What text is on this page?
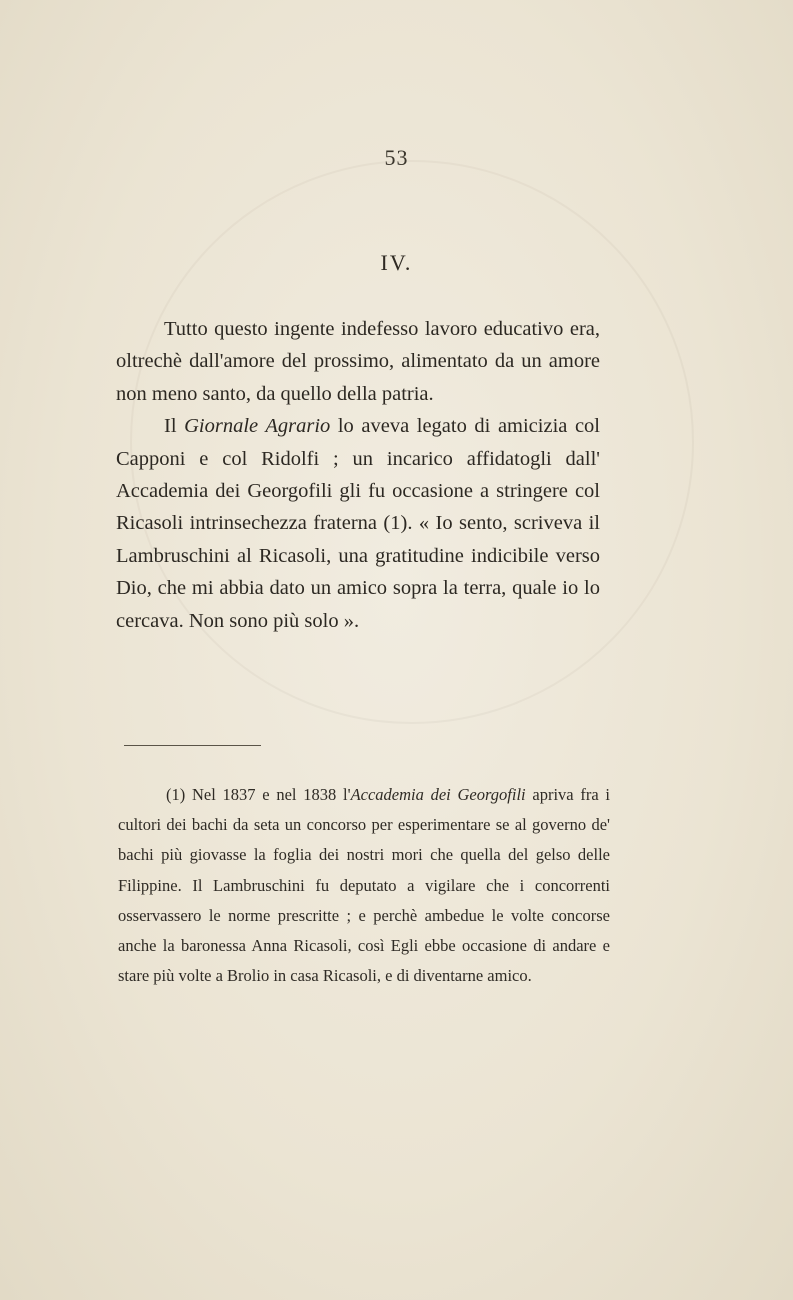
53
IV.

Tutto questo ingente indefesso lavoro educativo era, oltrechè dall'amore del prossimo, alimentato da un amore non meno santo, da quello della patria.

Il Giornale Agrario lo aveva legato di amicizia col Capponi e col Ridolfi ; un incarico affidatogli dall' Accademia dei Georgofili gli fu occasione a stringere col Ricasoli intrinsechezza fraterna (1). « Io sento, scriveva il Lambruschini al Ricasoli, una gratitudine indicibile verso Dio, che mi abbia dato un amico sopra la terra, quale io lo cercava. Non sono più solo ».

(1) Nel 1837 e nel 1838 l'Accademia dei Georgofili apriva fra i cultori dei bachi da seta un concorso per esperimentare se al governo de' bachi più giovasse la foglia dei nostri mori che quella del gelso delle Filippine. Il Lambruschini fu deputato a vigilare che i concorrenti osservassero le norme prescritte ; e perchè ambedue le volte concorse anche la baronessa Anna Ricasoli, così Egli ebbe occasione di andare e stare più volte a Brolio in casa Ricasoli, e di diventarne amico.
